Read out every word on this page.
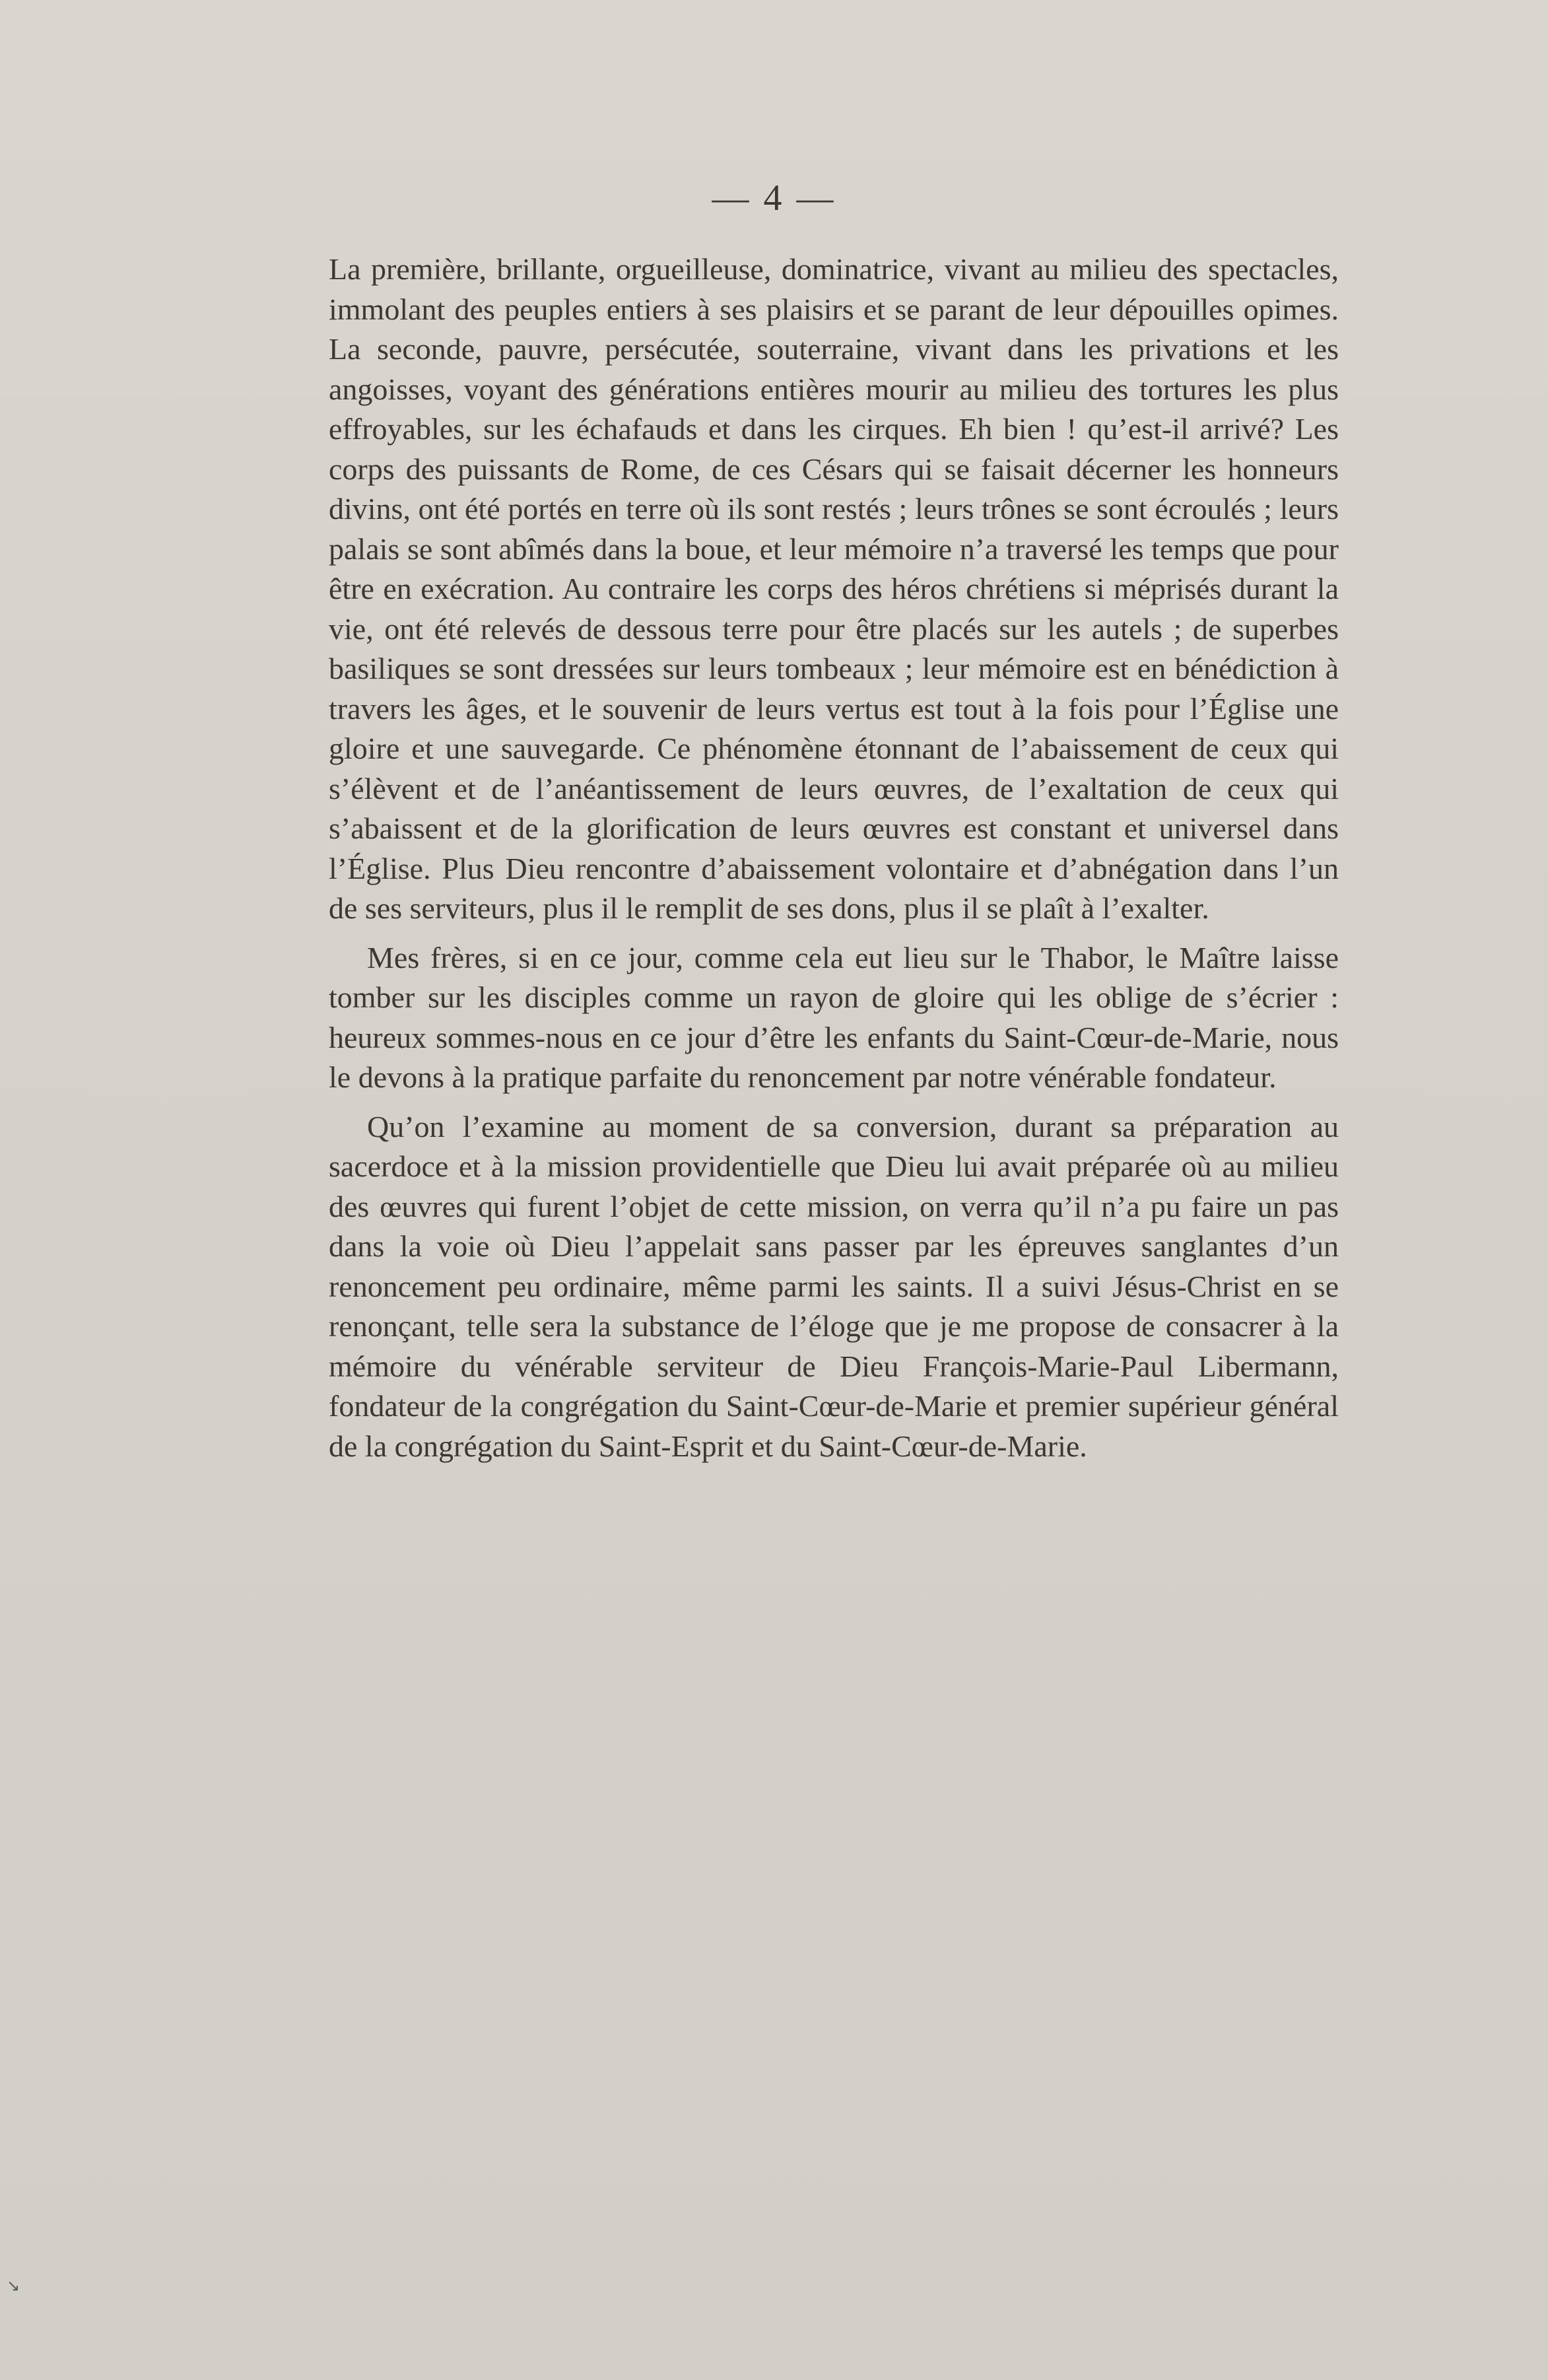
— 4 —

La première, brillante, orgueilleuse, dominatrice, vivant au milieu des spectacles, immolant des peuples entiers à ses plaisirs et se parant de leur dépouilles opimes. La seconde, pauvre, persécutée, souterraine, vivant dans les privations et les angoisses, voyant des générations entières mourir au milieu des tortures les plus effroyables, sur les échafauds et dans les cirques. Eh bien ! qu’est-il arrivé? Les corps des puissants de Rome, de ces Césars qui se faisait décerner les honneurs divins, ont été portés en terre où ils sont restés ; leurs trônes se sont écroulés ; leurs palais se sont abîmés dans la boue, et leur mémoire n’a traversé les temps que pour être en exécration. Au contraire les corps des héros chrétiens si méprisés durant la vie, ont été relevés de dessous terre pour être placés sur les autels ; de superbes basiliques se sont dressées sur leurs tombeaux ; leur mémoire est en bénédiction à travers les âges, et le souvenir de leurs vertus est tout à la fois pour l’Église une gloire et une sauvegarde. Ce phénomène étonnant de l’abaissement de ceux qui s’élèvent et de l’anéantissement de leurs œuvres, de l’exaltation de ceux qui s’abaissent et de la glorification de leurs œuvres est constant et universel dans l’Église. Plus Dieu rencontre d’abaissement volontaire et d’abnégation dans l’un de ses serviteurs, plus il le remplit de ses dons, plus il se plaît à l’exalter.

Mes frères, si en ce jour, comme cela eut lieu sur le Thabor, le Maître laisse tomber sur les disciples comme un rayon de gloire qui les oblige de s’écrier : heureux sommes-nous en ce jour d’être les enfants du Saint-Cœur-de-Marie, nous le devons à la pratique parfaite du renoncement par notre vénérable fondateur.

Qu’on l’examine au moment de sa conversion, durant sa préparation au sacerdoce et à la mission providentielle que Dieu lui avait préparée où au milieu des œuvres qui furent l’objet de cette mission, on verra qu’il n’a pu faire un pas dans la voie où Dieu l’appelait sans passer par les épreuves sanglantes d’un renoncement peu ordinaire, même parmi les saints. Il a suivi Jésus-Christ en se renonçant, telle sera la substance de l’éloge que je me propose de consacrer à la mémoire du vénérable serviteur de Dieu François-Marie-Paul Libermann, fondateur de la congrégation du Saint-Cœur-de-Marie et premier supérieur général de la congrégation du Saint-Esprit et du Saint-Cœur-de-Marie.

↘
